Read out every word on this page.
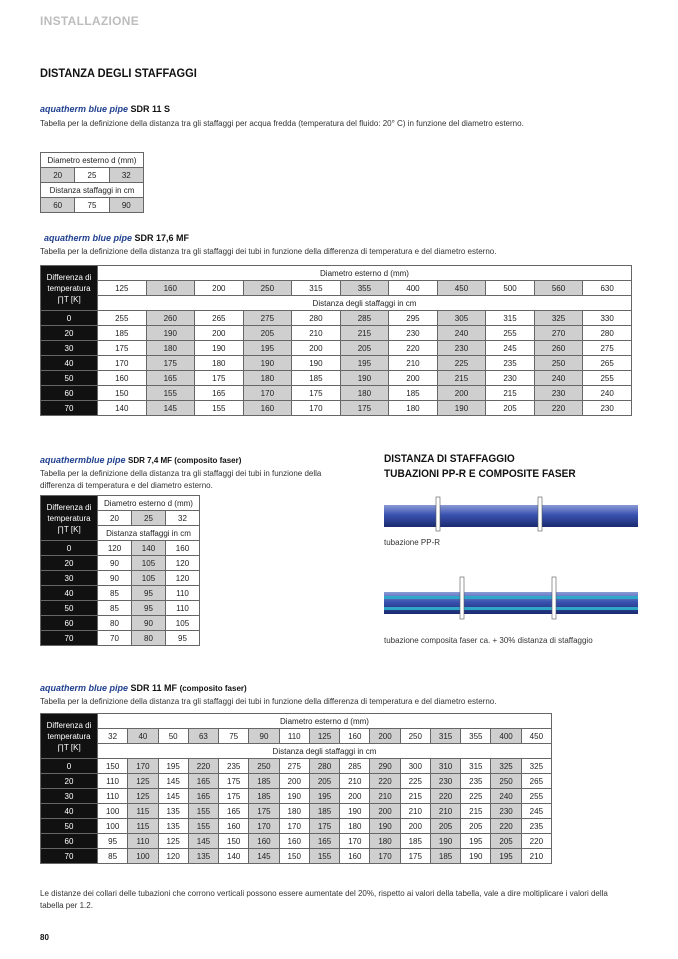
INSTALLAZIONE
DISTANZA DEGLI STAFFAGGI
aquatherm blue pipe SDR 11 S
Tabella per la definizione della distanza tra gli staffaggi per acqua fredda (temperatura del fluido: 20° C) in funzione del diametro esterno.
Diametro esterno d (mm)		
20	25	32
Distanza staffaggi in cm		
60	75	90
aquatherm blue pipe SDR 17,6 MF
Tabella per la definizione della distanza tra gli staffaggi dei tubi in funzione della differenza di temperatura e del diametro esterno.
Differenza di
temperatura
∏T [K]	Diametro esterno d (mm)										
	125	160	200	250	315	355	400	450	500	560	630
	Distanza degli staffaggi in cm										
0	255	260	265	275	280	285	295	305	315	325	330
20	185	190	200	205	210	215	230	240	255	270	280
30	175	180	190	195	200	205	220	230	245	260	275
40	170	175	180	190	190	195	210	225	235	250	265
50	160	165	175	180	185	190	200	215	230	240	255
60	150	155	165	170	175	180	185	200	215	230	240
70	140	145	155	160	170	175	180	190	205	220	230
aquathermblue pipe SDR 7,4 MF (composito faser)
Tabella per la definizione della distanza tra gli staffaggi dei tubi in funzione della
differenza di temperatura e del diametro esterno.
Differenza di
temperatura
∏T [K]	Diametro esterno d (mm)		
	20	25	32
	Distanza staffaggi in cm		
0	120	140	160
20	90	105	120
30	90	105	120
40	85	95	110
50	85	95	110
60	80	90	105
70	70	80	95
DISTANZA DI STAFFAGGIO
TUBAZIONI PP-R E COMPOSITE FASER
tubazione PP-R
tubazione composita faser ca. + 30% distanza di staffaggio
aquatherm blue pipe SDR 11 MF (composito faser)
Tabella per la definizione della distanza tra gli staffaggi dei tubi in funzione della differenza di temperatura e del diametro esterno.
Differenza di
temperatura
∏T [K]	Diametro esterno d (mm)														
	32	40	50	63	75	90	110	125	160	200	250	315	355	400	450
	Distanza degli staffaggi in cm														
0	150	170	195	220	235	250	275	280	285	290	300	310	315	325	325
20	110	125	145	165	175	185	200	205	210	220	225	230	235	250	265
30	110	125	145	165	175	185	190	195	200	210	215	220	225	240	255
40	100	115	135	155	165	175	180	185	190	200	210	210	215	230	245
50	100	115	135	155	160	170	170	175	180	190	200	205	205	220	235
60	95	110	125	145	150	160	160	165	170	180	185	190	195	205	220
70	85	100	120	135	140	145	150	155	160	170	175	185	190	195	210
Le distanze dei collari delle tubazioni che corrono verticali possono essere aumentate del 20%, rispetto ai valori della tabella, vale a dire moltiplicare i valori della tabella per 1.2.
80
